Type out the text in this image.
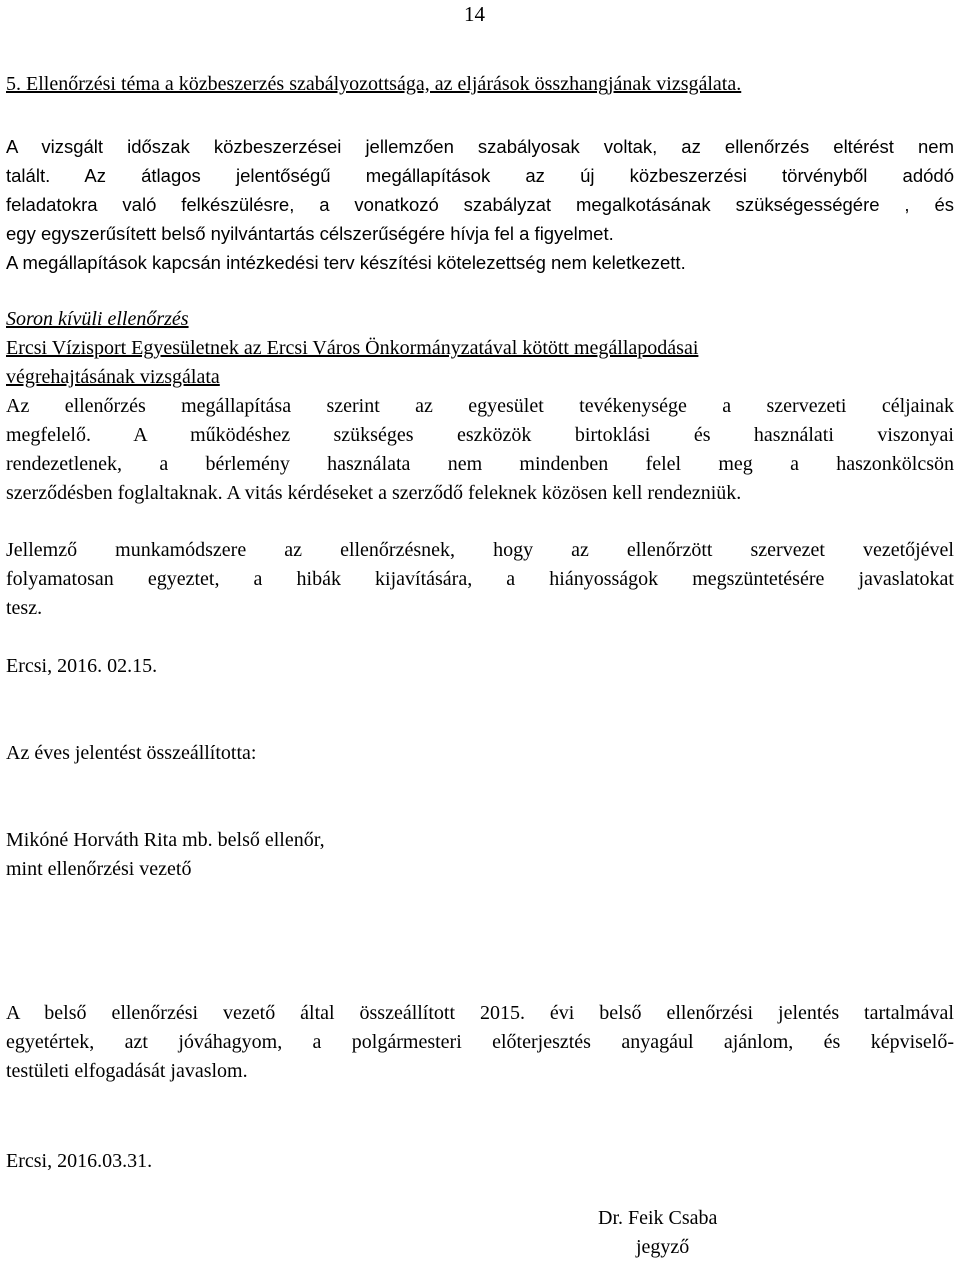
14

5. Ellenőrzési téma a közbeszerzés szabályozottsága, az eljárások összhangjának vizsgálata.

A vizsgált időszak közbeszerzései jellemzően szabályosak voltak, az ellenőrzés eltérést nem
talált. Az átlagos jelentőségű megállapítások az új közbeszerzési törvényből adódó
feladatokra való felkészülésre, a vonatkozó szabályzat megalkotásának szükségességére , és
egy egyszerűsített belső nyilvántartás célszerűségére hívja fel a figyelmet.
A megállapítások kapcsán intézkedési terv készítési kötelezettség nem keletkezett.
Soron kívüli ellenőrzés
Ercsi Vízisport Egyesületnek az Ercsi Város Önkormányzatával kötött megállapodásai
végrehajtásának vizsgálata
Az ellenőrzés megállapítása szerint az egyesület tevékenysége a szervezeti céljainak
megfelelő. A működéshez szükséges eszközök birtoklási és használati viszonyai
rendezetlenek, a bérlemény használata nem mindenben felel meg a haszonkölcsön
szerződésben foglaltaknak. A vitás kérdéseket a szerződő feleknek közösen kell rendezniük.
Jellemző munkamódszere az ellenőrzésnek, hogy az ellenőrzött szervezet vezetőjével
folyamatosan egyeztet, a hibák kijavítására, a hiányosságok megszüntetésére javaslatokat
tesz.

Ercsi, 2016. 02.15.

Az éves jelentést összeállította:

Mikóné Horváth Rita mb. belső ellenőr,
mint ellenőrzési vezető
A belső ellenőrzési vezető által összeállított 2015. évi belső ellenőrzési jelentés tartalmával
egyetértek, azt jóváhagyom, a polgármesteri előterjesztés anyagául ajánlom, és képviselő-
testületi elfogadását javaslom.

Ercsi, 2016.03.31.

Dr. Feik Csaba
jegyző
